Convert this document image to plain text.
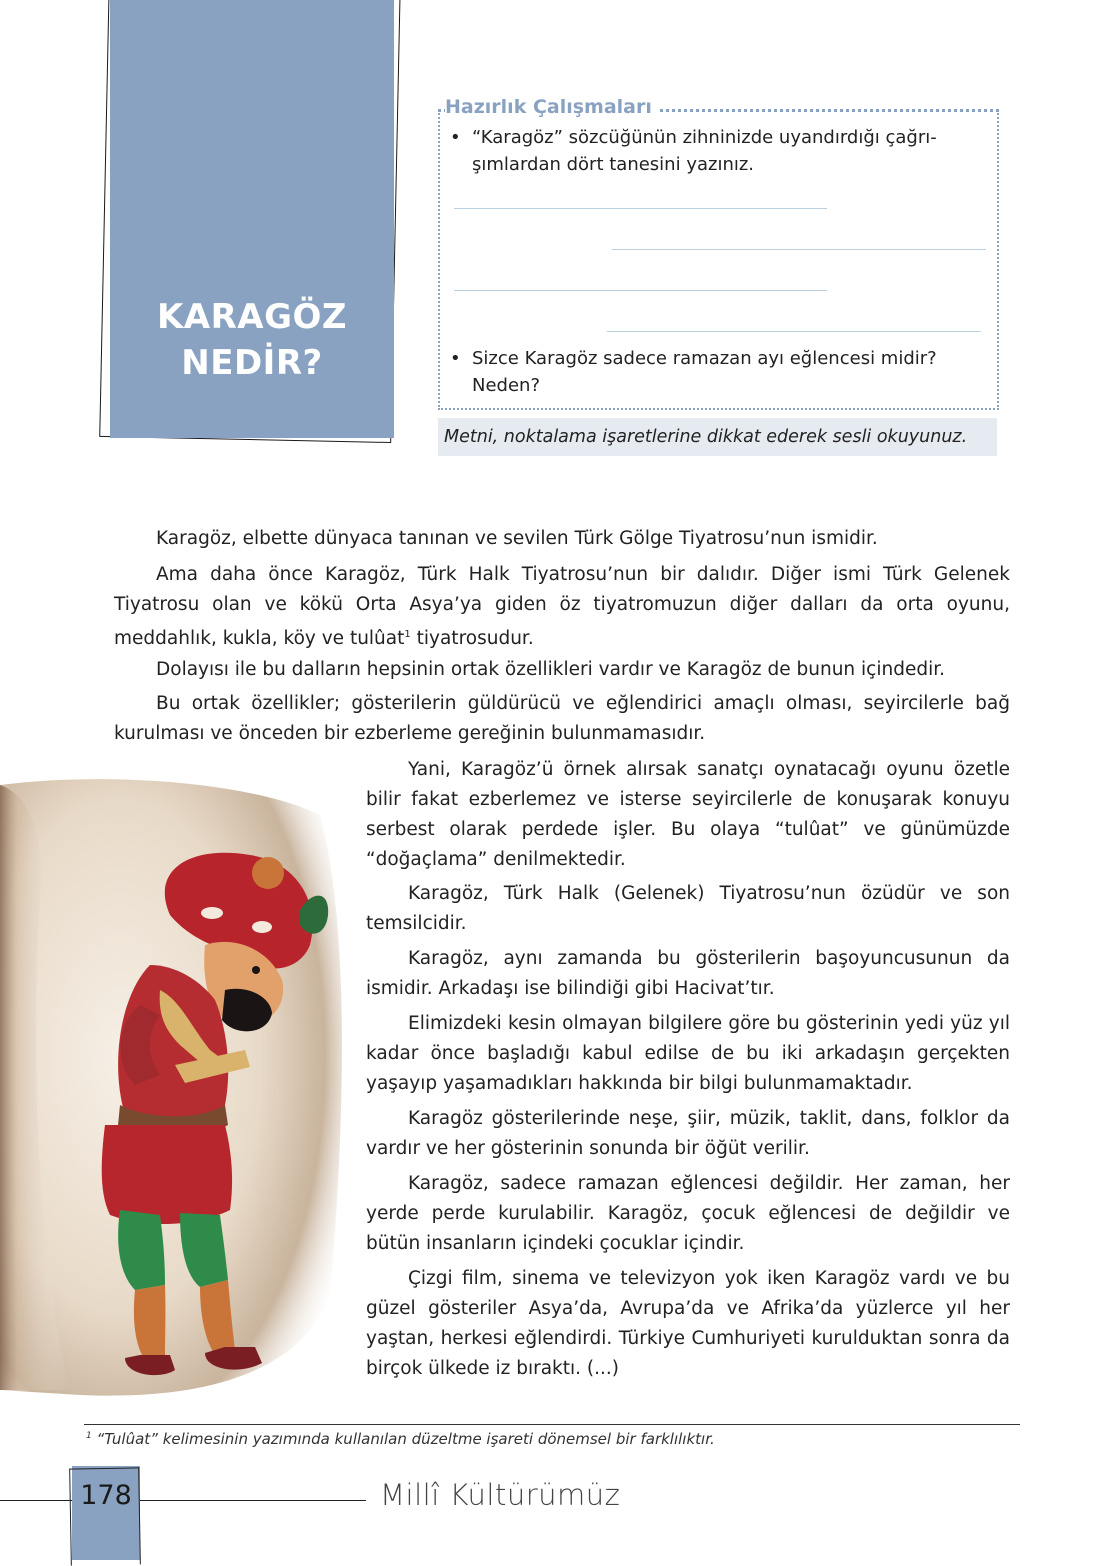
KARAGÖZ
NEDİR?
Hazırlık Çalışmaları
• “Karagöz” sözcüğünün zihninizde uyandırdığı çağrı-şımlardan dört tanesini yazınız.
• Sizce Karagöz sadece ramazan ayı eğlencesi midir? Neden?
Metni, noktalama işaretlerine dikkat ederek sesli okuyunuz.

Karagöz, elbette dünyaca tanınan ve sevilen Türk Gölge Tiyatrosu’nun ismidir.

Ama daha önce Karagöz, Türk Halk Tiyatrosu’nun bir dalıdır. Diğer ismi Türk Gelenek Tiyatrosu olan ve kökü Orta Asya’ya giden öz tiyatromuzun diğer dalları da orta oyunu, meddahlık, kukla, köy ve tulûat$^1$ tiyatrosudur.

Dolayısı ile bu dalların hepsinin ortak özellikleri vardır ve Karagöz de bunun içindedir.

Bu ortak özellikler; gösterilerin güldürücü ve eğlendirici amaçlı olması, seyircilerle bağ kurulması ve önceden bir ezberleme gereğinin bulunmamasıdır.

Yani, Karagöz’ü örnek alırsak sanatçı oynatacağı oyunu özetle bilir fakat ezberlemez ve isterse seyircilerle de konuşarak konuyu serbest olarak perdede işler. Bu olaya “tulûat” ve günümüzde “doğaçlama” denilmektedir.

Karagöz, Türk Halk (Gelenek) Tiyatrosu’nun özüdür ve son temsilcidir.

Karagöz, aynı zamanda bu gösterilerin başoyuncusunun da ismidir. Arkadaşı ise bilindiği gibi Hacivat’tır.

Elimizdeki kesin olmayan bilgilere göre bu gösterinin yedi yüz yıl kadar önce başladığı kabul edilse de bu iki arkadaşın gerçekten yaşayıp yaşamadıkları hakkında bir bilgi bulunmamaktadır.

Karagöz gösterilerinde neşe, şiir, müzik, taklit, dans, folklor da vardır ve her gösterinin sonunda bir öğüt verilir.

Karagöz, sadece ramazan eğlencesi değildir. Her zaman, her yerde perde kurulabilir. Karagöz, çocuk eğlencesi de değildir ve bütün insanların içindeki çocuklar içindir.

Çizgi film, sinema ve televizyon yok iken Karagöz vardı ve bu güzel gösteriler Asya’da, Avrupa’da ve Afrika’da yüzlerce yıl her yaştan, herkesi eğlendirdi. Türkiye Cumhuriyeti kurulduktan sonra da birçok ülkede iz bıraktı. (...)

$^1$ “Tulûat” kelimesinin yazımında kullanılan düzeltme işareti dönemsel bir farklılıktır.
178	Millî Kültürümüz
